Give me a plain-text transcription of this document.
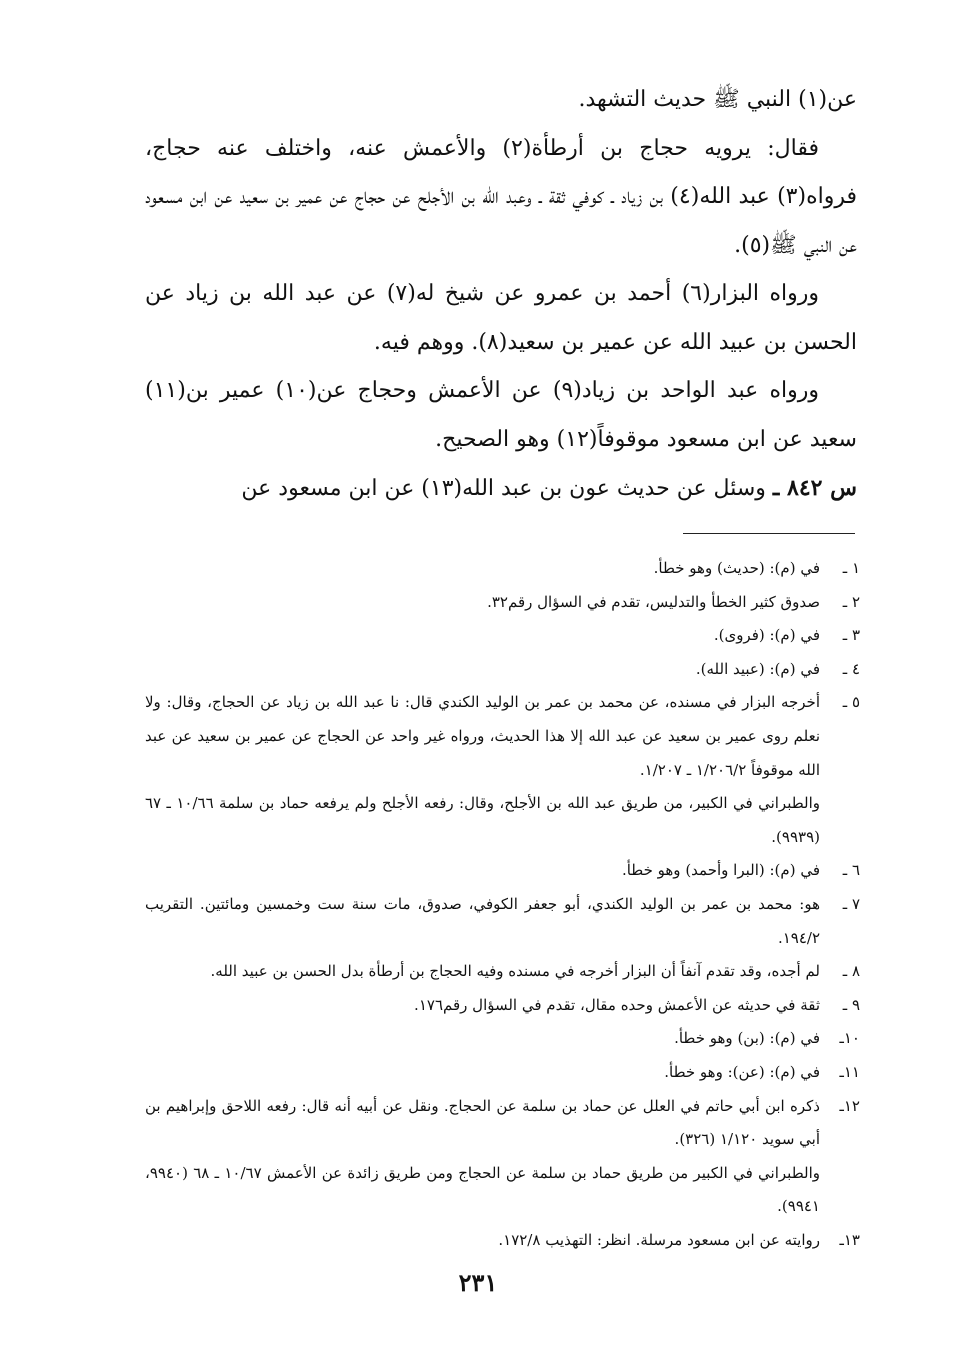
عن(١) النبي ﷺ حديث التشهد.

فقال: يرويه حجاج بن أرطأة(٢) والأعمش عنه، واختلف عنه حجاج، فرواه(٣) عبد الله(٤) بن زياد ـ كوفي ثقة ـ وعبد الله بن الأجلح عن حجاج عن عمير بن سعيد عن ابن مسعود عن النبي ﷺ(٥).

ورواه البزار(٦) أحمد بن عمرو عن شيخ له(٧) عن عبد الله بن زياد عن الحسن بن عبيد الله عن عمير بن سعيد(٨). ووهم فيه.

ورواه عبد الواحد بن زياد(٩) عن الأعمش وحجاج عن(١٠) عمير بن(١١) سعيد عن ابن مسعود موقوفاً(١٢) وهو الصحيح.

س ٨٤٢ ـ وسئل عن حديث عون بن عبد الله(١٣) عن ابن مسعود عن

١ ـ
في (م): (حديث) وهو خطأ.
٢ ـ
صدوق كثير الخطأ والتدليس، تقدم في السؤال رقم٣٢.
٣ ـ
في (م): (فروى).
٤ ـ
في (م): (عبيد الله).
٥ ـ
أخرجه البزار في مسنده، عن محمد بن عمر بن الوليد الكندي قال: نا عبد الله بن زياد عن الحجاج، وقال: ولا نعلم روى عمير بن سعيد عن عبد الله إلا هذا الحديث، ورواه غير واحد عن الحجاج عن عمير بن سعيد عن عبد الله موقوفاً ١/٢٠٦/٢ ـ ١/٢٠٧.
والطبراني في الكبير، من طريق عبد الله بن الأجلح، وقال: رفعه الأجلح ولم يرفعه حماد بن سلمة ١٠/٦٦ ـ ٦٧ (٩٩٣٩).
٦ ـ
في (م): (البرا وأحمد) وهو خطأ.
٧ ـ
هو: محمد بن عمر بن الوليد الكندي، أبو جعفر الكوفي، صدوق، مات سنة ست وخمسين ومائتين. التقريب ١٩٤/٢.
٨ ـ
لم أجده، وقد تقدم آنفاً أن البزار أخرجه في مسنده وفيه الحجاج بن أرطأة بدل الحسن بن عبيد الله.
٩ ـ
ثقة في حديثه عن الأعمش وحده مقال، تقدم في السؤال رقم١٧٦.
١٠ـ
في (م): (بن) وهو خطأ.
١١ـ
في (م): (عن): وهو خطأ.
١٢ـ
ذكره ابن أبي حاتم في العلل عن حماد بن سلمة عن الحجاج. ونقل عن أبيه أنه قال: رفعه اللاحق وإبراهيم بن أبي سويد ١/١٢٠ (٣٢٦).
والطبراني في الكبير من طريق حماد بن سلمة عن الحجاج ومن طريق زائدة عن الأعمش ١٠/٦٧ ـ ٦٨ (٩٩٤٠، ٩٩٤١).
١٣ـ
روايته عن ابن مسعود مرسلة. انظر: التهذيب ١٧٢/٨.
٢٣١
